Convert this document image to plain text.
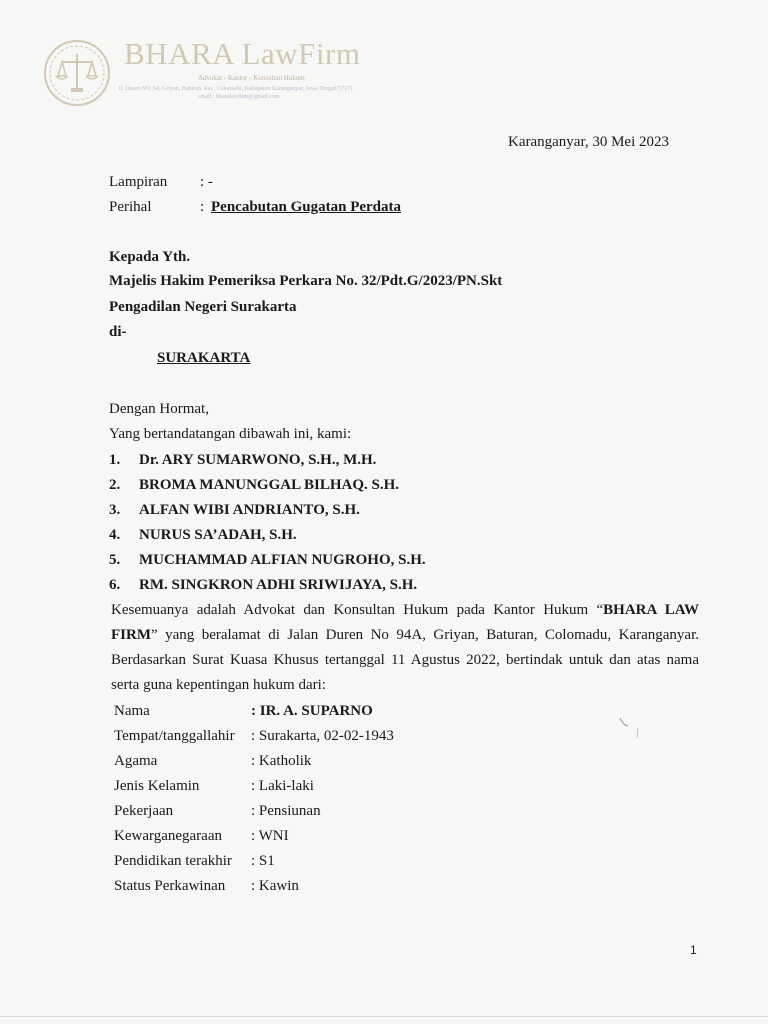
BHARA LawFirm
Advokat - Kantor - Konsultan Hukum
Jl. Duren NO. 94, Griyan, Baturan, Kec. Colomadu, Kabupaten Karanganyar, Jawa Tengah 57171
email : bharalawfirm@gmail.com
Karanganyar, 30 Mei 2023
Lampiran : -
Perihal	: Pencabutan Gugatan Perdata
Kepada Yth.
Majelis Hakim Pemeriksa Perkara No. 32/Pdt.G/2023/PN.Skt
Pengadilan Negeri Surakarta
di-
SURAKARTA
Dengan Hormat,
Yang bertandatangan dibawah ini, kami:
1. Dr. ARY SUMARWONO, S.H., M.H.
2. BROMA MANUNGGAL BILHAQ. S.H.
3. ALFAN WIBI ANDRIANTO, S.H.
4. NURUS SA’ADAH, S.H.
5. MUCHAMMAD ALFIAN NUGROHO, S.H.
6. RM. SINGKRON ADHI SRIWIJAYA, S.H.
Kesemuanya adalah Advokat dan Konsultan Hukum pada Kantor Hukum “BHARA LAW FIRM” yang beralamat di Jalan Duren No 94A, Griyan, Baturan, Colomadu, Karanganyar. Berdasarkan Surat Kuasa Khusus tertanggal 11 Agustus 2022, bertindak untuk dan atas nama serta guna kepentingan hukum dari:
Nama	: IR. A. SUPARNO
Tempat/tanggallahir : Surakarta, 02-02-1943
Agama	: Katholik
Jenis Kelamin	: Laki-laki
Pekerjaan	: Pensiunan
Kewarganegaraan : WNI
Pendidikan terakhir : S1
Status Perkawinan : Kawin
1
